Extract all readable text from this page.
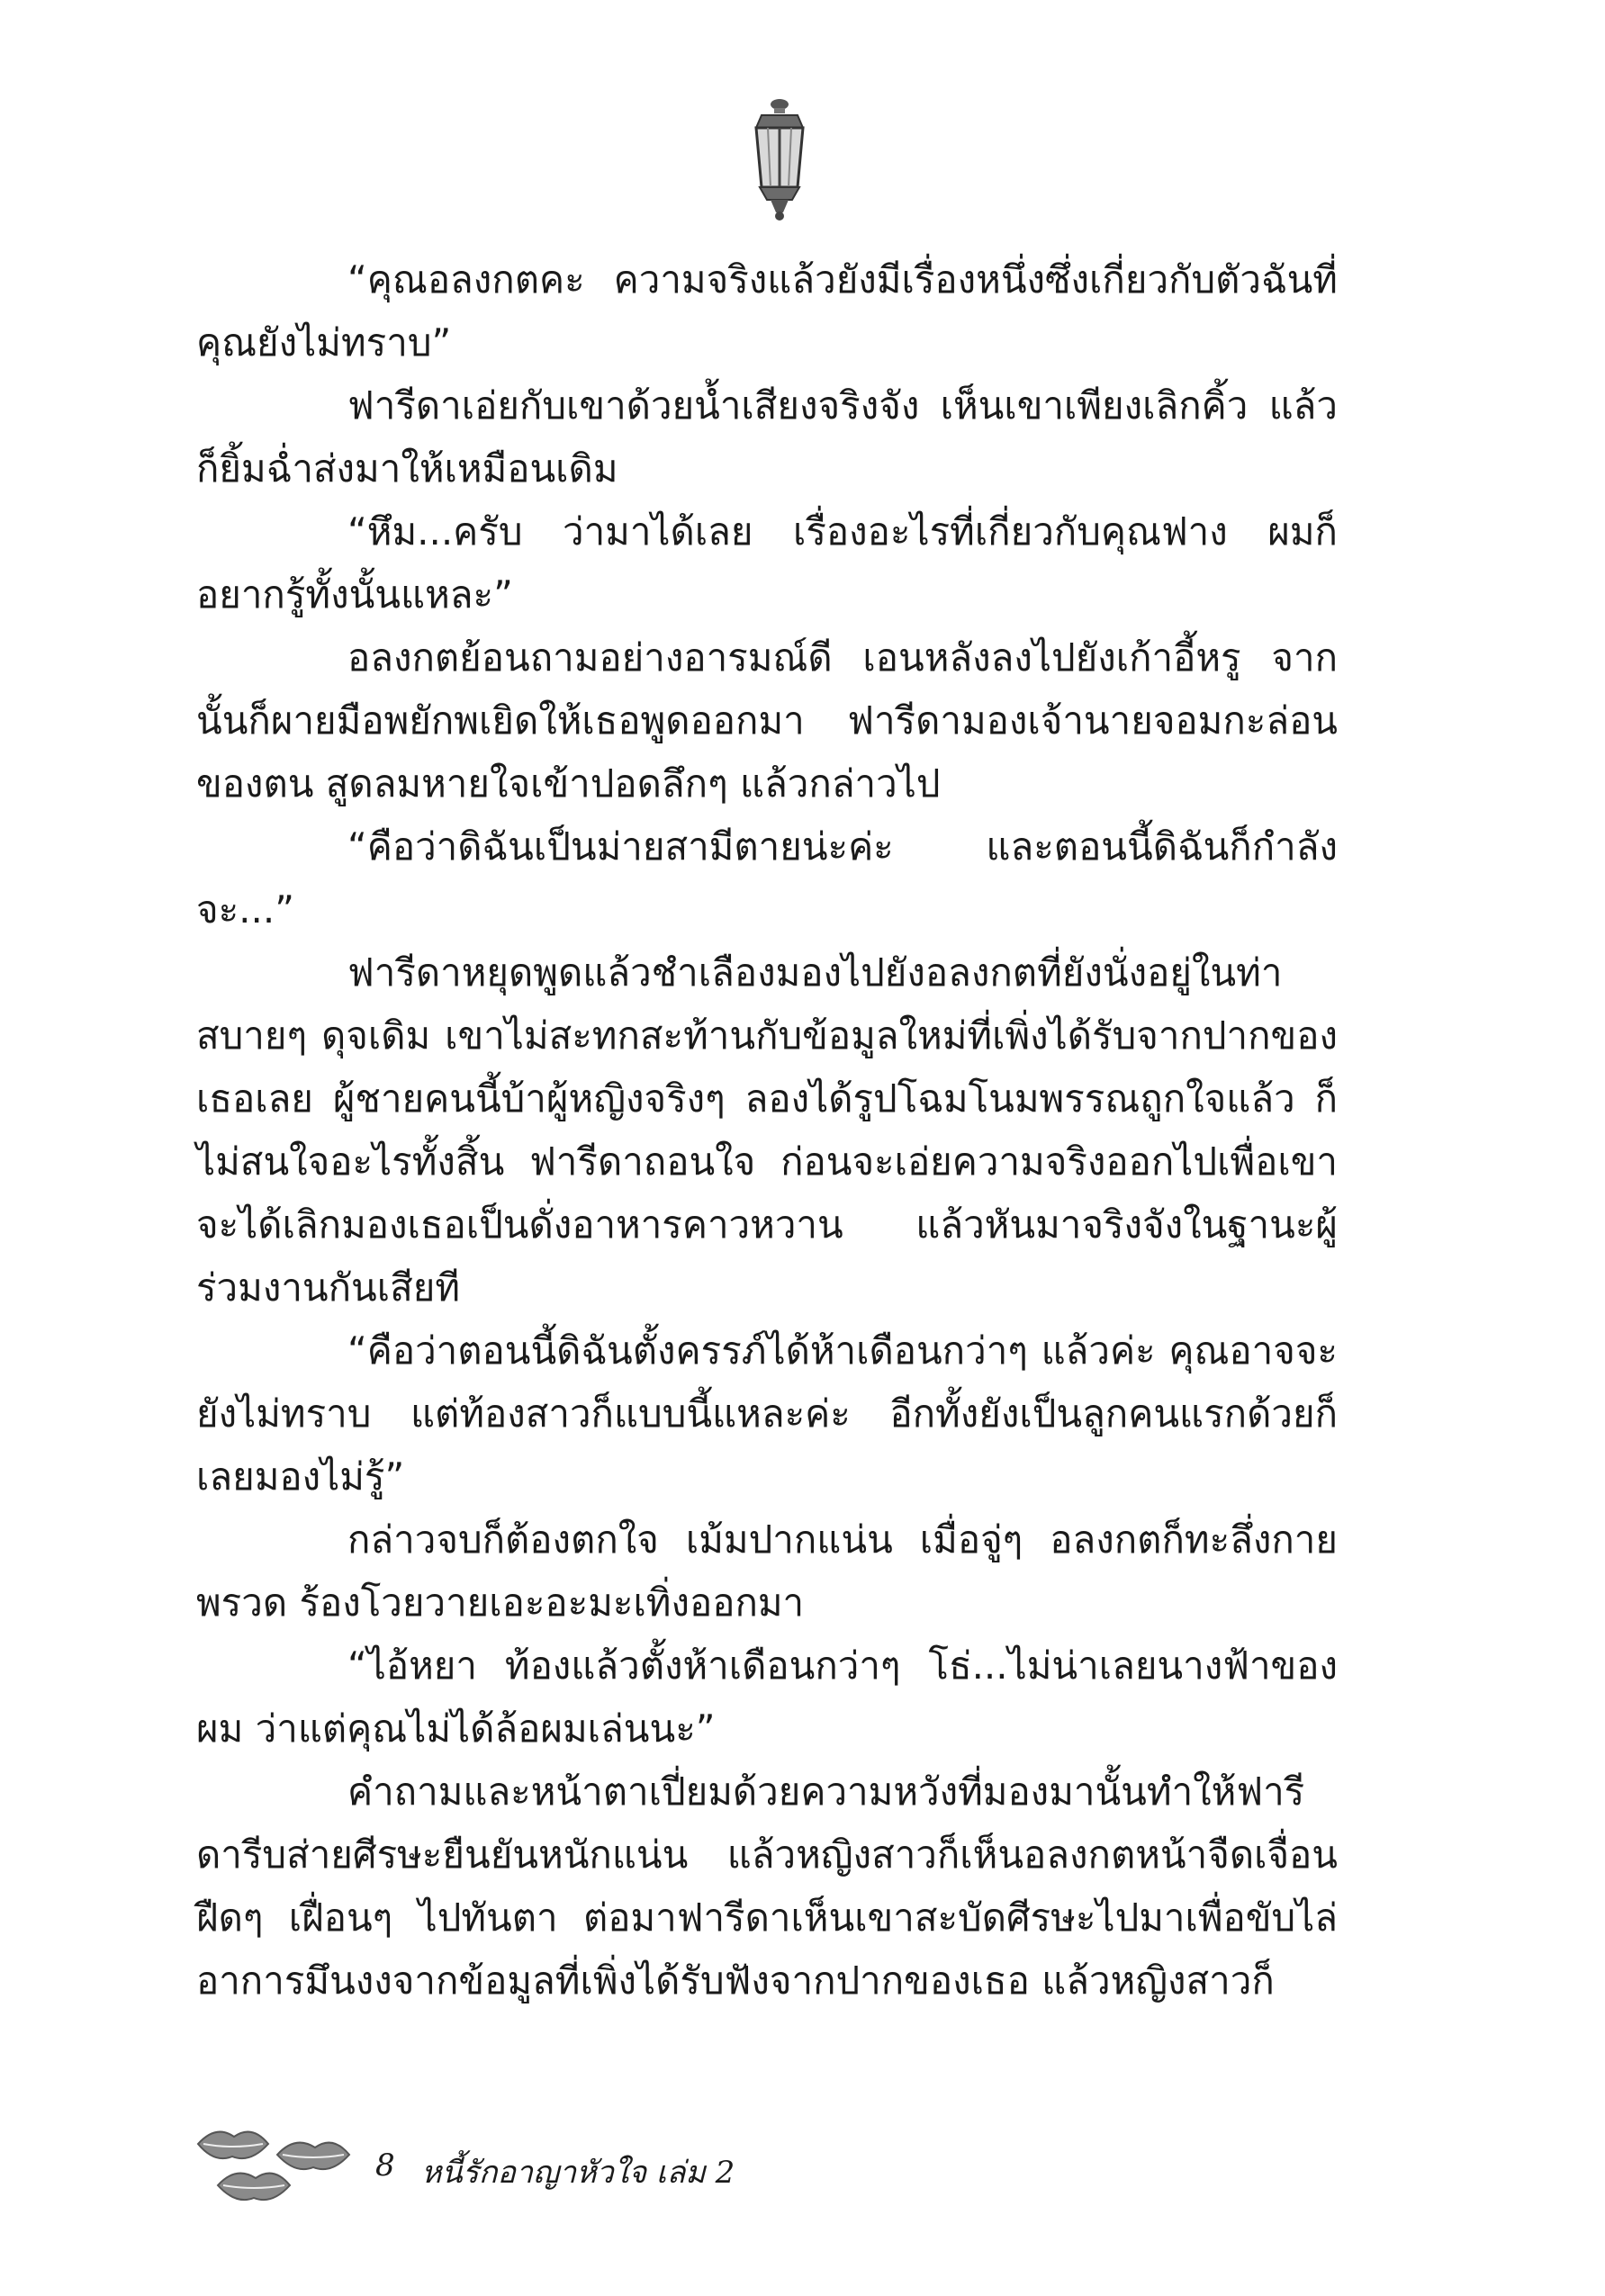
“คุณอลงกตคะ ความจริงแล้วยังมีเรื่องหนึ่งซึ่งเกี่ยวกับตัวฉันที่คุณยังไม่ทราบ”

ฟารีดาเอ่ยกับเขาด้วยน้ำเสียงจริงจัง เห็นเขาเพียงเลิกคิ้ว แล้วก็ยิ้มฉ่ำส่งมาให้เหมือนเดิม

“หึม...ครับ ว่ามาได้เลย เรื่องอะไรที่เกี่ยวกับคุณฟาง ผมก็อยากรู้ทั้งนั้นแหละ”

อลงกตย้อนถามอย่างอารมณ์ดี เอนหลังลงไปยังเก้าอี้หรู จากนั้นก็ผายมือพยักพเยิดให้เธอพูดออกมา ฟารีดามองเจ้านายจอมกะล่อนของตน สูดลมหายใจเข้าปอดลึกๆ แล้วกล่าวไป

“คือว่าดิฉันเป็นม่ายสามีตายน่ะค่ะ และตอนนี้ดิฉันก็กำลังจะ...”

ฟารีดาหยุดพูดแล้วชำเลืองมองไปยังอลงกตที่ยังนั่งอยู่ในท่าสบายๆ ดุจเดิม เขาไม่สะทกสะท้านกับข้อมูลใหม่ที่เพิ่งได้รับจากปากของเธอเลย ผู้ชายคนนี้บ้าผู้หญิงจริงๆ ลองได้รูปโฉมโนมพรรณถูกใจแล้ว ก็ไม่สนใจอะไรทั้งสิ้น ฟารีดาถอนใจ ก่อนจะเอ่ยความจริงออกไปเพื่อเขาจะได้เลิกมองเธอเป็นดั่งอาหารคาวหวาน แล้วหันมาจริงจังในฐานะผู้ร่วมงานกันเสียที

“คือว่าตอนนี้ดิฉันตั้งครรภ์ได้ห้าเดือนกว่าๆ แล้วค่ะ คุณอาจจะยังไม่ทราบ แต่ท้องสาวก็แบบนี้แหละค่ะ อีกทั้งยังเป็นลูกคนแรกด้วยก็เลยมองไม่รู้”

กล่าวจบก็ต้องตกใจ เม้มปากแน่น เมื่อจู่ๆ อลงกตก็ทะลึ่งกายพรวด ร้องโวยวายเอะอะมะเทิ่งออกมา

“ไอ้หยา ท้องแล้วตั้งห้าเดือนกว่าๆ โธ่...ไม่น่าเลยนางฟ้าของผม ว่าแต่คุณไม่ได้ล้อผมเล่นนะ”

คำถามและหน้าตาเปี่ยมด้วยความหวังที่มองมานั้นทำให้ฟารีดารีบส่ายศีรษะยืนยันหนักแน่น แล้วหญิงสาวก็เห็นอลงกตหน้าจืดเจื่อนฝืดๆ เฝื่อนๆ ไปทันตา ต่อมาฟารีดาเห็นเขาสะบัดศีรษะไปมาเพื่อขับไล่อาการมึนงงจากข้อมูลที่เพิ่งได้รับฟังจากปากของเธอ แล้วหญิงสาวก็

8 หนี้รักอาญาหัวใจ เล่ม 2
